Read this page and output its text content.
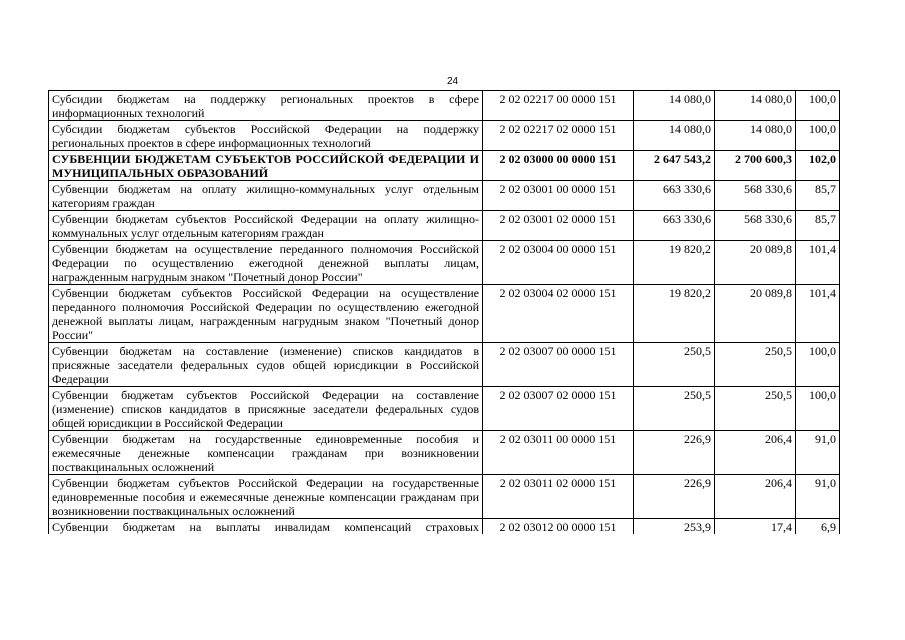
24
Субсидии бюджетам на поддержку региональных проектов в сфере информационных технологий	2 02 02217 00 0000 151	14 080,0	14 080,0	100,0
Субсидии бюджетам субъектов Российской Федерации на поддержку региональных проектов в сфере информационных технологий	2 02 02217 02 0000 151	14 080,0	14 080,0	100,0
СУБВЕНЦИИ БЮДЖЕТАМ СУБЪЕКТОВ РОССИЙСКОЙ ФЕДЕРАЦИИ И МУНИЦИПАЛЬНЫХ ОБРАЗОВАНИЙ	2 02 03000 00 0000 151	2 647 543,2	2 700 600,3	102,0
Субвенции бюджетам на оплату жилищно-коммунальных услуг отдельным категориям граждан	2 02 03001 00 0000 151	663 330,6	568 330,6	85,7
Субвенции бюджетам субъектов Российской Федерации на оплату жилищно-коммунальных услуг отдельным категориям граждан	2 02 03001 02 0000 151	663 330,6	568 330,6	85,7
Субвенции бюджетам на осуществление переданного полномочия Российской Федерации по осуществлению ежегодной денежной выплаты лицам, награжденным нагрудным знаком "Почетный донор России"	2 02 03004 00 0000 151	19 820,2	20 089,8	101,4
Субвенции бюджетам субъектов Российской Федерации на осуществление переданного полномочия Российской Федерации по осуществлению ежегодной денежной выплаты лицам, награжденным нагрудным знаком "Почетный донор России"	2 02 03004 02 0000 151	19 820,2	20 089,8	101,4
Субвенции бюджетам на составление (изменение) списков кандидатов в присяжные заседатели федеральных судов общей юрисдикции в Российской Федерации	2 02 03007 00 0000 151	250,5	250,5	100,0
Субвенции бюджетам субъектов Российской Федерации на составление (изменение) списков кандидатов в присяжные заседатели федеральных судов общей юрисдикции в Российской Федерации	2 02 03007 02 0000 151	250,5	250,5	100,0
Субвенции бюджетам на государственные единовременные пособия и ежемесячные денежные компенсации гражданам при возникновении поствакцинальных осложнений	2 02 03011 00 0000 151	226,9	206,4	91,0
Субвенции бюджетам субъектов Российской Федерации на государственные единовременные пособия и ежемесячные денежные компенсации гражданам при возникновении поствакцинальных осложнений	2 02 03011 02 0000 151	226,9	206,4	91,0
Субвенции бюджетам на выплаты инвалидам компенсаций страховых	2 02 03012 00 0000 151	253,9	17,4	6,9
